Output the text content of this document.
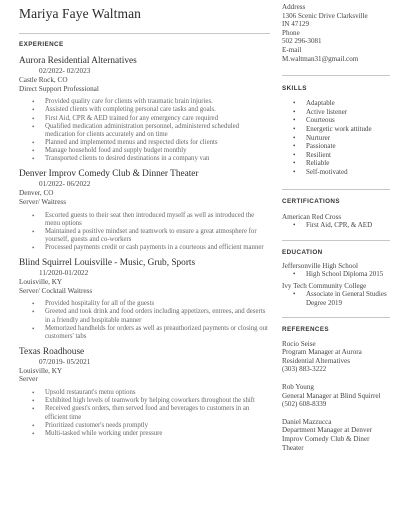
Mariya Faye Waltman
EXPERIENCE
Aurora Residential Alternatives
02/2022- 02/2023
Castle Rock, CO
Direct Support Professional
• Provided quality care for clients with traumatic brain injuries.
• Assisted clients with completing personal care tasks and goals.
• First Aid, CPR & AED trained for any emergency care required
• Qualified medication administration personnel, administered scheduled medication for clients accurately and on time
• Planned and implemented menus and respected diets for clients
• Manage household food and supply budget monthly
• Transported clients to desired destinations in a company van
Denver Improv Comedy Club & Dinner Theater
01/2022- 06/2022
Denver, CO
Server/ Waitress
• Escorted guests to their seat then introduced myself as well as introduced the menu options
• Maintained a positive mindset and teamwork to ensure a great atmosphere for yourself, guests and co-workers
• Processed payments credit or cash payments in a courteous and efficient manner
Blind Squirrel Louisville - Music, Grub, Sports
11/2020-01/2022
Louisville, KY
Server/ Cocktail Waitress
• Provided hospitality for all of the guests
• Greeted and took drink and food orders including appetizers, entrees, and deserts in a friendly and hospitable manner
• Memorized handhelds for orders as well as preauthorized payments or closing out customers' tabs
Texas Roadhouse
07/2019- 05/2021
Louisville, KY
Server
• Upsold restaurant's menu options
• Exhibited high levels of teamwork by helping coworkers throughout the shift
• Received guest's orders, then served food and beverages to customers in an efficient time
• Prioritized customer's needs promptly
• Multi-tasked while working under pressure
Address
1306 Scenic Drive Clarksville
IN 47129
Phone
502 296-3081
E-mail
M.waltman31@gmail.com
SKILLS
• Adaptable
• Active listener
• Courteous
• Energetic work attitude
• Nurturer
• Passionate
• Resilient
• Reliable
• Self-motivated
CERTIFICATIONS
American Red Cross
• First Aid, CPR, & AED
EDUCATION
Jeffersonville High School
• High School Diploma 2015
Ivy Tech Community College
• Associate in General Studies Degree 2019
REFERENCES
Rocio Seise
Program Manager at Aurora Residential Alternatives
(303) 883-3222
Rob Young
General Manager at Blind Squirrel
(502) 608-8339
Daniel Mazzucca
Department Manager at Denver Improv Comedy Club & Diner Theater
